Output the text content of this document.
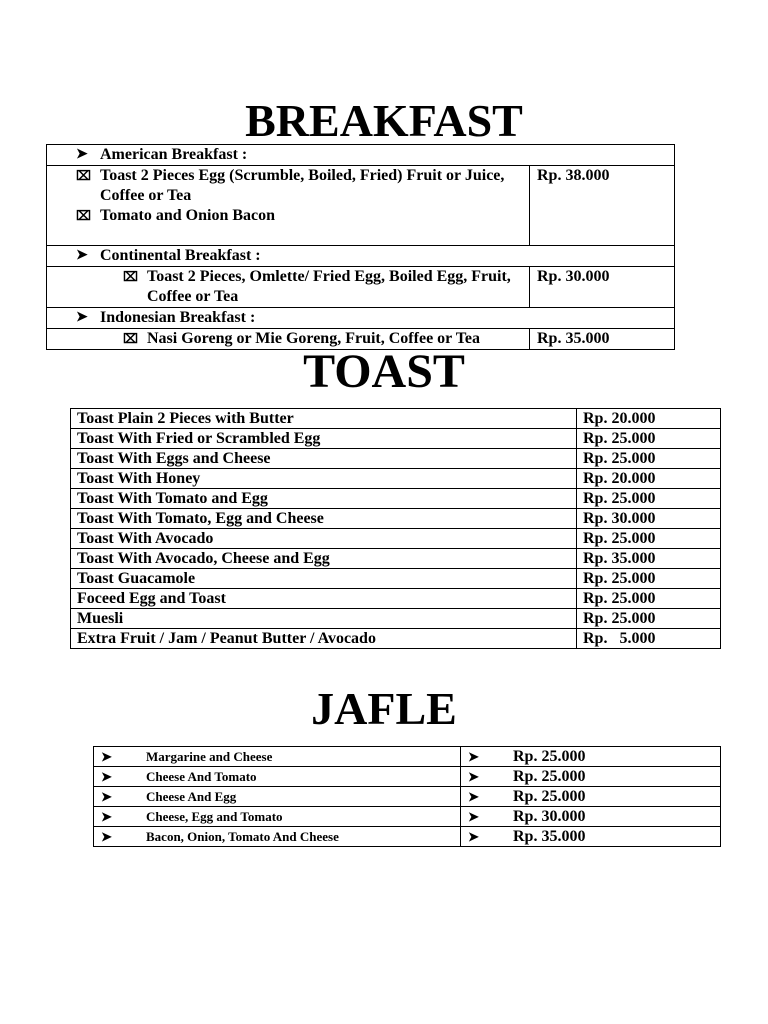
BREAKFAST
➤ American Breakfast :	

⌧ Toast 2 Pieces Egg (Scrumble, Boiled, Fried) Fruit or Juice, Coffee or Tea
⌧ Tomato and Onion Bacon	Rp. 38.000

➤ Continental Breakfast :	

⌧ Toast 2 Pieces, Omlette/ Fried Egg, Boiled Egg, Fruit, Coffee or Tea	Rp. 30.000

➤ Indonesian Breakfast :	

⌧ Nasi Goreng or Mie Goreng, Fruit, Coffee or Tea	Rp. 35.000
TOAST
Toast Plain 2 Pieces with Butter	Rp. 20.000
Toast With Fried or Scrambled Egg	Rp. 25.000
Toast With Eggs and Cheese	Rp. 25.000
Toast With Honey	Rp. 20.000
Toast With Tomato and Egg	Rp. 25.000
Toast With Tomato, Egg and Cheese	Rp. 30.000
Toast With Avocado	Rp. 25.000
Toast With Avocado, Cheese and Egg	Rp. 35.000
Toast Guacamole	Rp. 25.000
Foceed Egg and Toast	Rp. 25.000
Muesli	Rp. 25.000
Extra Fruit / Jam / Peanut Butter / Avocado	Rp.   5.000
JAFLE
➤ Margarine and Cheese	➤ Rp. 25.000

➤ Cheese And Tomato	➤ Rp. 25.000

➤ Cheese And Egg	➤ Rp. 25.000

➤ Cheese, Egg and Tomato	➤ Rp. 30.000

➤ Bacon, Onion, Tomato And Cheese	➤ Rp. 35.000
